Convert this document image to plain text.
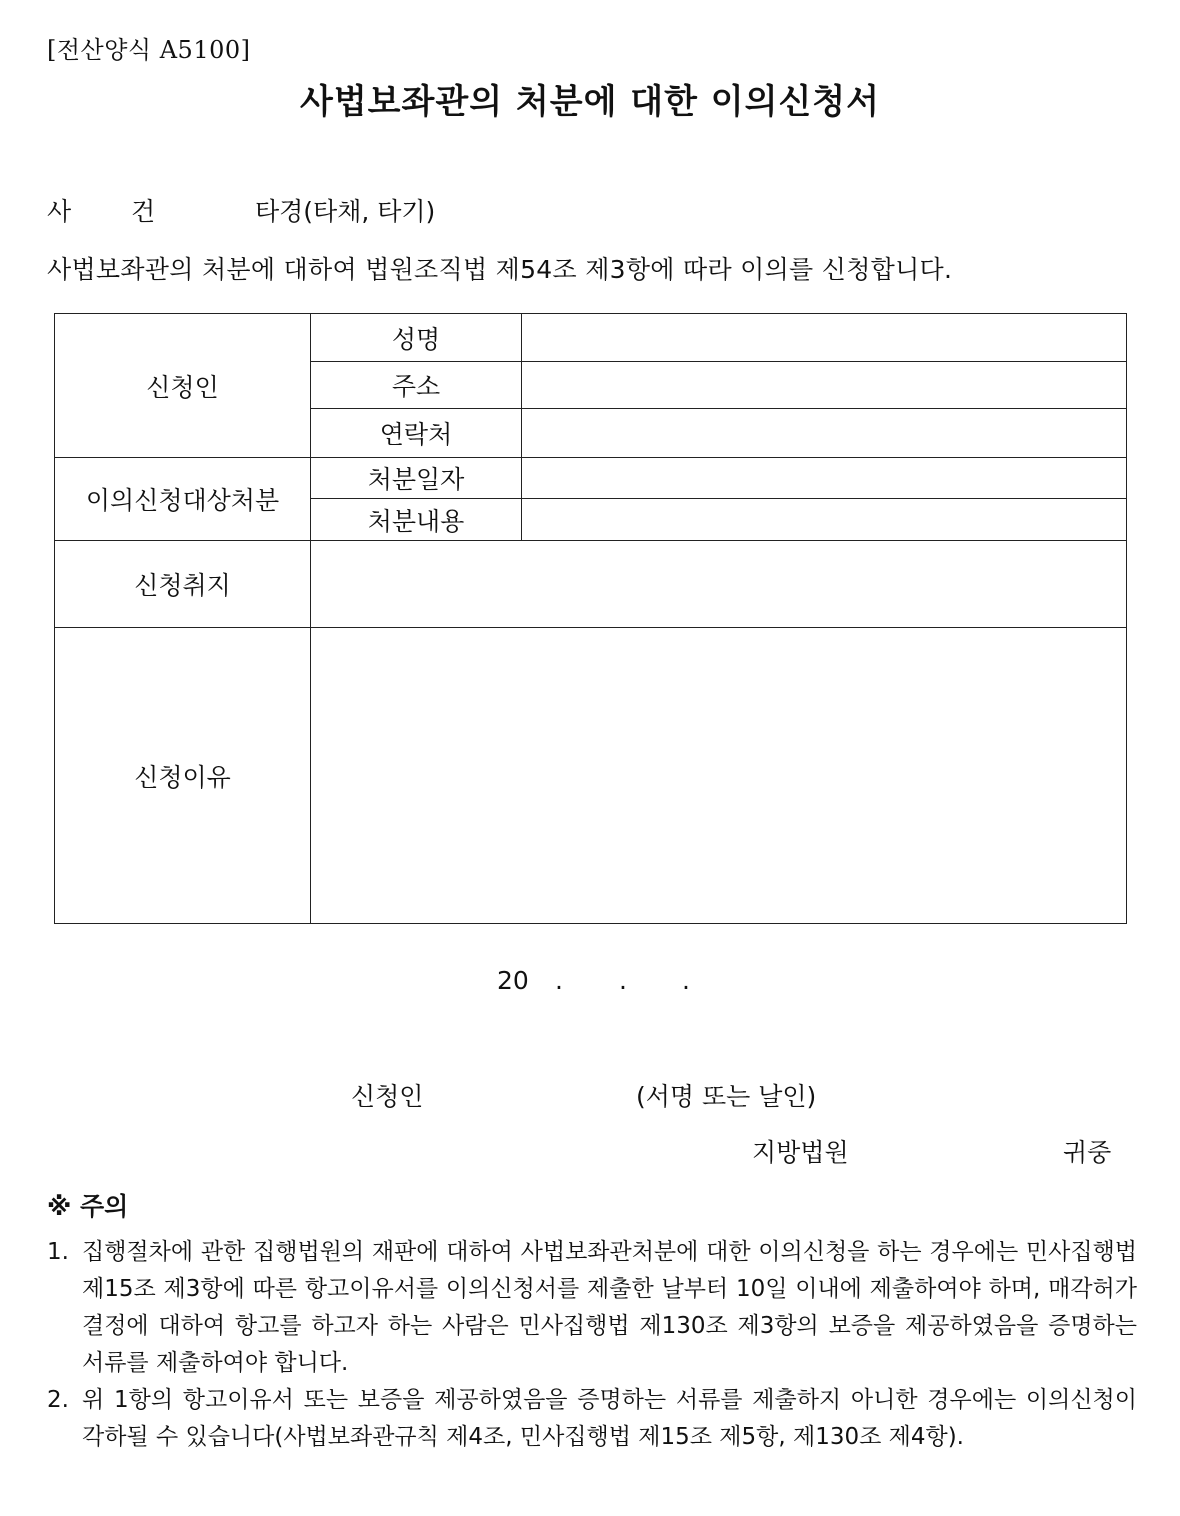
[전산양식 A5100]
사법보좌관의 처분에 대한 이의신청서
사 건	타경(타채, 타기)
사법보좌관의 처분에 대하여 법원조직법 제54조 제3항에 따라 이의를 신청합니다.
신청인	성명	
	주소	
	연락처	
이의신청대상처분	처분일자	
	처분내용	
신청취지		
신청이유		
20 . . .
신청인	(서명 또는 날인)
지방법원	귀중
※ 주의
1. 집행절차에 관한 집행법원의 재판에 대하여 사법보좌관처분에 대한 이의신청을 하는 경우에는 민사집행법 제15조 제3항에 따른 항고이유서를 이의신청서를 제출한 날부터 10일 이내에 제출하여야 하며, 매각허가결정에 대하여 항고를 하고자 하는 사람은 민사집행법 제130조 제3항의 보증을 제공하였음을 증명하는 서류를 제출하여야 합니다.
2. 위 1항의 항고이유서 또는 보증을 제공하였음을 증명하는 서류를 제출하지 아니한 경우에는 이의신청이 각하될 수 있습니다(사법보좌관규칙 제4조, 민사집행법 제15조 제5항, 제130조 제4항).
